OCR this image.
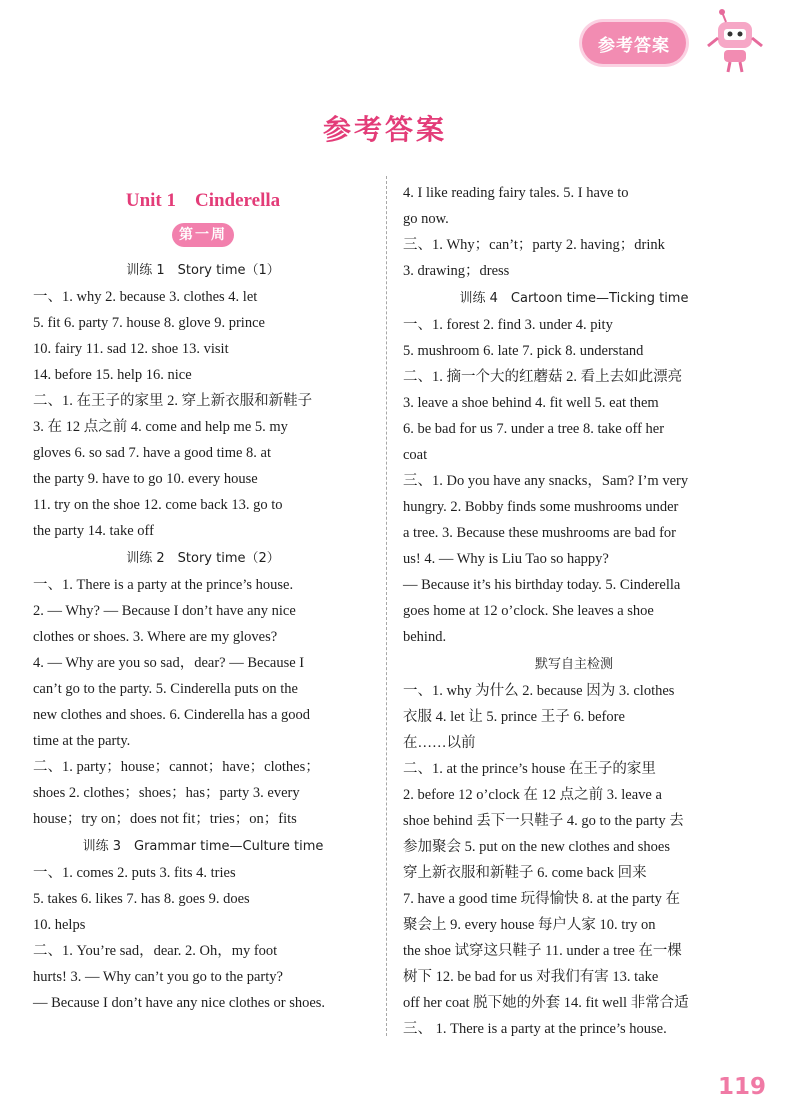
参考答案
参考答案
Unit 1　Cinderella
第一周
训练 1　Story time（1）
一、1. why 2. because 3. clothes 4. let
5. fit 6. party 7. house 8. glove 9. prince
10. fairy 11. sad 12. shoe 13. visit
14. before 15. help 16. nice
二、1. 在王子的家里 2. 穿上新衣服和新鞋子
3. 在 12 点之前 4. come and help me 5. my
gloves 6. so sad 7. have a good time 8. at
the party 9. have to go 10. every house
11. try on the shoe 12. come back 13. go to
the party 14. take off
训练 2　Story time（2）
一、1. There is a party at the prince’s house.
2. — Why? — Because I don’t have any nice
clothes or shoes. 3. Where are my gloves?
4. — Why are you so sad，dear? — Because I
can’t go to the party. 5. Cinderella puts on the
new clothes and shoes. 6. Cinderella has a good
time at the party.
二、1. party；house；cannot；have；clothes；
shoes 2. clothes；shoes；has；party 3. every
house；try on；does not fit；tries；on；fits
训练 3　Grammar time—Culture time
一、1. comes 2. puts 3. fits 4. tries
5. takes 6. likes 7. has 8. goes 9. does
10. helps
二、1. You’re sad，dear. 2. Oh，my foot
hurts! 3. — Why can’t you go to the party?
— Because I don’t have any nice clothes or shoes.
4. I like reading fairy tales. 5. I have to
go now.
三、1. Why；can’t；party 2. having；drink
3. drawing；dress
训练 4　Cartoon time—Ticking time
一、1. forest 2. find 3. under 4. pity
5. mushroom 6. late 7. pick 8. understand
二、1. 摘一个大的红蘑菇 2. 看上去如此漂亮
3. leave a shoe behind 4. fit well 5. eat them
6. be bad for us 7. under a tree 8. take off her
coat
三、1. Do you have any snacks，Sam? I’m very
hungry. 2. Bobby finds some mushrooms under
a tree. 3. Because these mushrooms are bad for
us! 4. — Why is Liu Tao so happy?
— Because it’s his birthday today. 5. Cinderella
goes home at 12 o’clock. She leaves a shoe
behind.
默写自主检测
一、1. why 为什么 2. because 因为 3. clothes
衣服 4. let 让 5. prince 王子 6. before
在……以前
二、1. at the prince’s house 在王子的家里
2. before 12 o’clock 在 12 点之前 3. leave a
shoe behind 丢下一只鞋子 4. go to the party 去
参加聚会 5. put on the new clothes and shoes
穿上新衣服和新鞋子 6. come back 回来
7. have a good time 玩得愉快 8. at the party 在
聚会上 9. every house 每户人家 10. try on
the shoe 试穿这只鞋子 11. under a tree 在一棵
树下 12. be bad for us 对我们有害 13. take
off her coat 脱下她的外套 14. fit well 非常合适
三、 1. There is a party at the prince’s house.
119
